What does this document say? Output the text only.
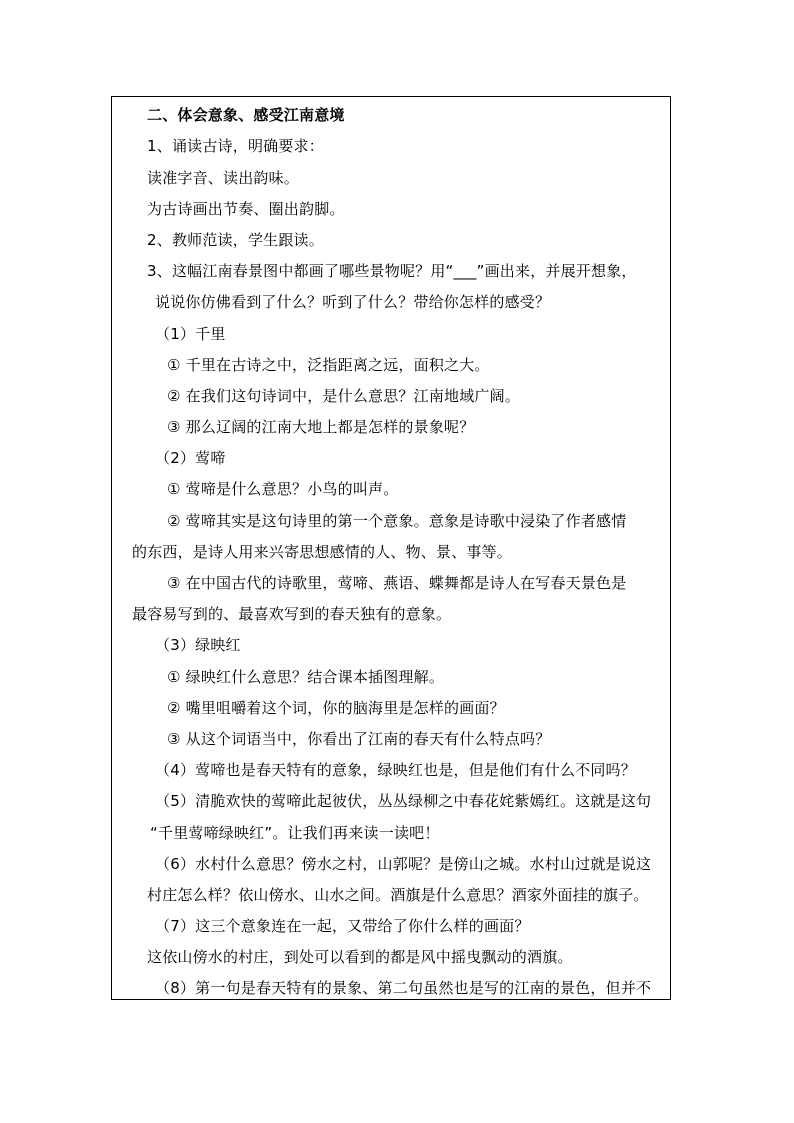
二、体会意象、感受江南意境
1、诵读古诗，明确要求：
读准字音、读出韵味。
为古诗画出节奏、圈出韵脚。
2、教师范读，学生跟读。
3、这幅江南春景图中都画了哪些景物呢？用“___”画出来，并展开想象，
说说你仿佛看到了什么？听到了什么？带给你怎样的感受？
（1）千里
① 千里在古诗之中，泛指距离之远，面积之大。
② 在我们这句诗词中，是什么意思？江南地域广阔。
③ 那么辽阔的江南大地上都是怎样的景象呢？
（2）莺啼
① 莺啼是什么意思？小鸟的叫声。
② 莺啼其实是这句诗里的第一个意象。意象是诗歌中浸染了作者感情
的东西，是诗人用来兴寄思想感情的人、物、景、事等。
③ 在中国古代的诗歌里，莺啼、燕语、蝶舞都是诗人在写春天景色是
最容易写到的、最喜欢写到的春天独有的意象。
（3）绿映红
① 绿映红什么意思？结合课本插图理解。
② 嘴里咀嚼着这个词，你的脑海里是怎样的画面？
③ 从这个词语当中，你看出了江南的春天有什么特点吗？
（4）莺啼也是春天特有的意象，绿映红也是，但是他们有什么不同吗？
（5）清脆欢快的莺啼此起彼伏，丛丛绿柳之中春花姹紫嫣红。这就是这句
“千里莺啼绿映红”。让我们再来读一读吧！
（6）水村什么意思？傍水之村，山郭呢？是傍山之城。水村山过就是说这
村庄怎么样？依山傍水、山水之间。酒旗是什么意思？酒家外面挂的旗子。
（7）这三个意象连在一起，又带给了你什么样的画面？
这依山傍水的村庄，到处可以看到的都是风中摇曳飘动的酒旗。
（8）第一句是春天特有的景象、第二句虽然也是写的江南的景色，但并不
